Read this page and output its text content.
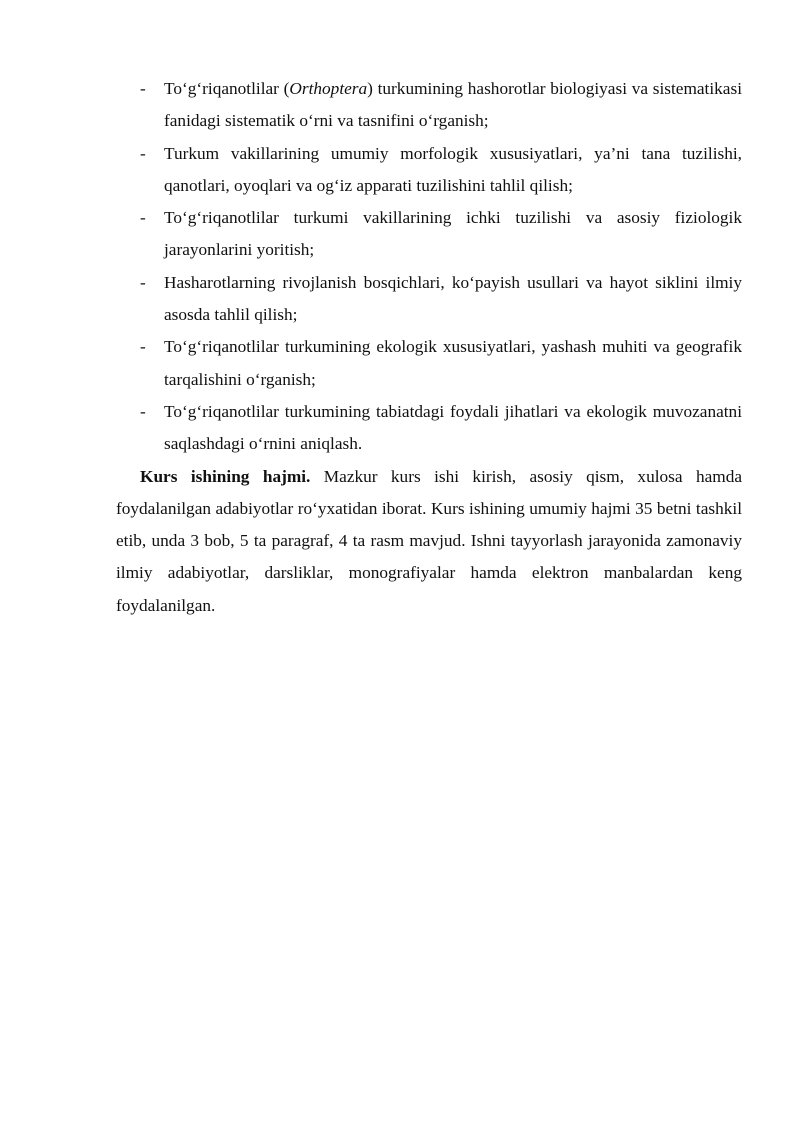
- To‘g‘riqanotlilar (Orthoptera) turkumining hashorotlar biologiyasi va sistematikasi fanidagi sistematik o‘rni va tasnifini o‘rganish;
- Turkum vakillarining umumiy morfologik xususiyatlari, ya’ni tana tuzilishi, qanotlari, oyoqlari va og‘iz apparati tuzilishini tahlil qilish;
- To‘g‘riqanotlilar turkumi vakillarining ichki tuzilishi va asosiy fiziologik jarayonlarini yoritish;
- Hasharotlarning rivojlanish bosqichlari, ko‘payish usullari va hayot siklini ilmiy asosda tahlil qilish;
- To‘g‘riqanotlilar turkumining ekologik xususiyatlari, yashash muhiti va geografik tarqalishini o‘rganish;
- To‘g‘riqanotlilar turkumining tabiatdagi foydali jihatlari va ekologik muvozanatni saqlashdagi o‘rnini aniqlash.

Kurs ishining hajmi. Mazkur kurs ishi kirish, asosiy qism, xulosa hamda foydalanilgan adabiyotlar ro‘yxatidan iborat. Kurs ishining umumiy hajmi 35 betni tashkil etib, unda 3 bob, 5 ta paragraf, 4 ta rasm mavjud. Ishni tayyorlash jarayonida zamonaviy ilmiy adabiyotlar, darsliklar, monografiyalar hamda elektron manbalardan keng foydalanilgan.
